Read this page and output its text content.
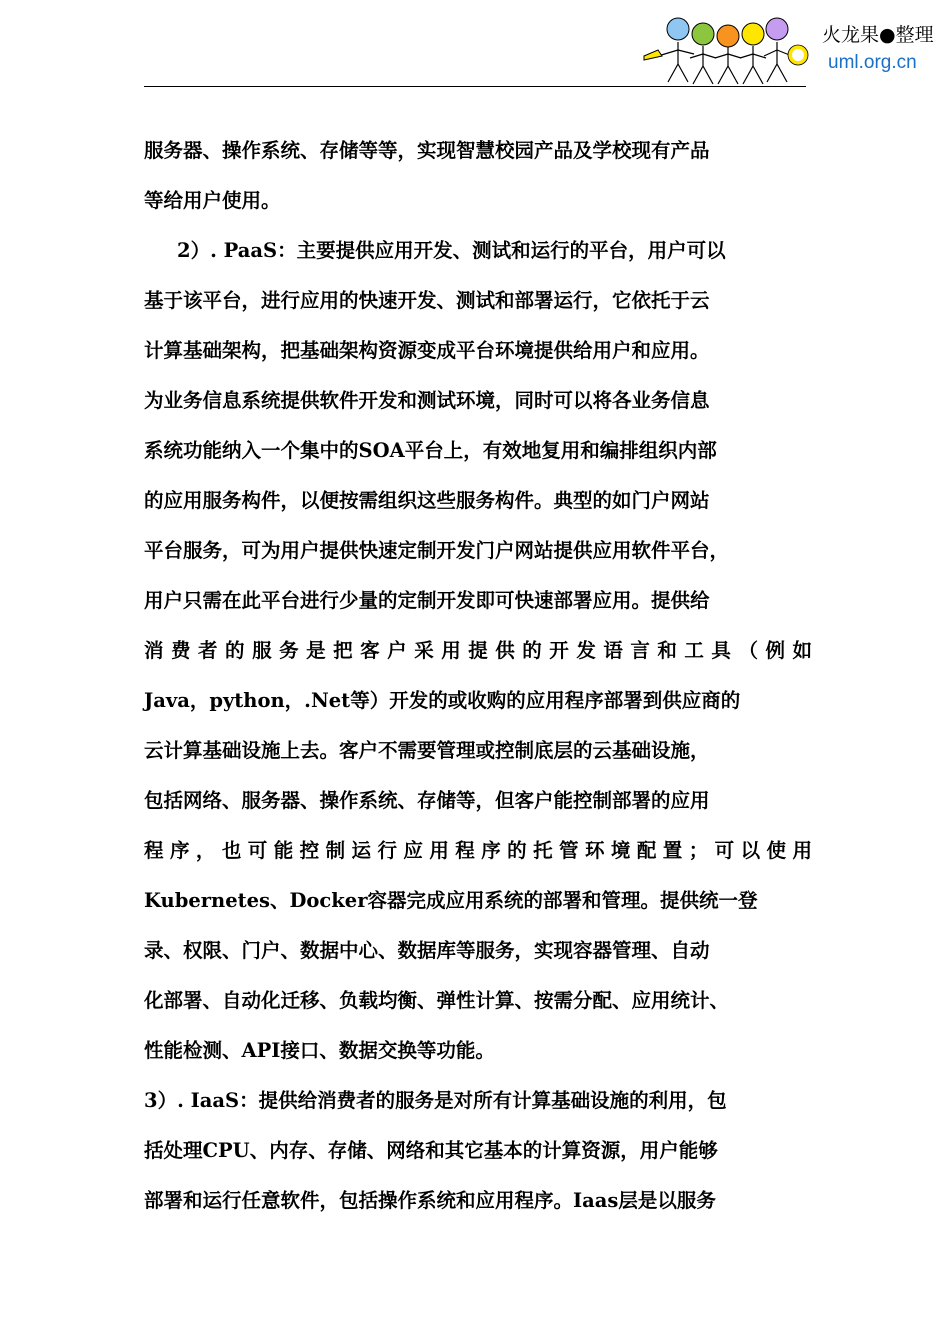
火龙果●整理
uml.org.cn
服务器、操作系统、存储等等，实现智慧校园产品及学校现有产品
等给用户使用。
2）. PaaS：主要提供应用开发、测试和运行的平台，用户可以
基于该平台，进行应用的快速开发、测试和部署运行，它依托于云
计算基础架构，把基础架构资源变成平台环境提供给用户和应用。
为业务信息系统提供软件开发和测试环境，同时可以将各业务信息
系统功能纳入一个集中的SOA平台上，有效地复用和编排组织内部
的应用服务构件，以便按需组织这些服务构件。典型的如门户网站
平台服务，可为用户提供快速定制开发门户网站提供应用软件平台，
用户只需在此平台进行少量的定制开发即可快速部署应用。提供给
消费者的服务是把客户采用提供的开发语言和工具（例如
Java，python，.Net等）开发的或收购的应用程序部署到供应商的
云计算基础设施上去。客户不需要管理或控制底层的云基础设施，
包括网络、服务器、操作系统、存储等，但客户能控制部署的应用
程序，也可能控制运行应用程序的托管环境配置；可以使用
Kubernetes、Docker容器完成应用系统的部署和管理。提供统一登
录、权限、门户、数据中心、数据库等服务，实现容器管理、自动
化部署、自动化迁移、负载均衡、弹性计算、按需分配、应用统计、
性能检测、API接口、数据交换等功能。
3）. IaaS：提供给消费者的服务是对所有计算基础设施的利用，包
括处理CPU、内存、存储、网络和其它基本的计算资源，用户能够
部署和运行任意软件，包括操作系统和应用程序。Iaas层是以服务
